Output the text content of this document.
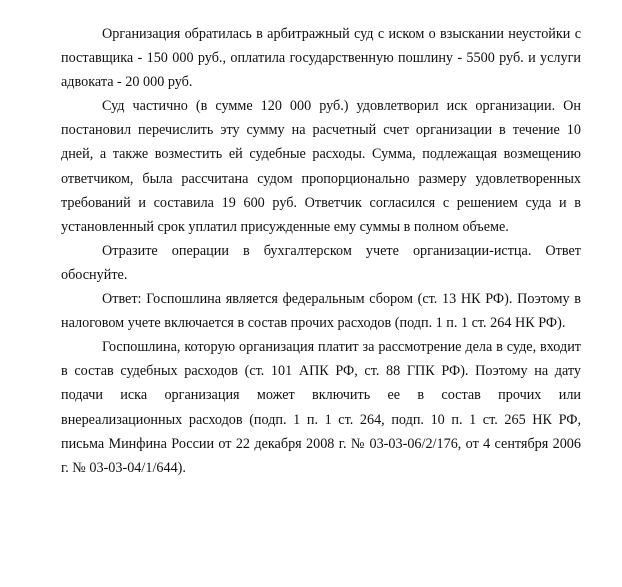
Организация обратилась в арбитражный суд с иском о взыскании неустойки с поставщика - 150 000 руб., оплатила государственную пошлину - 5500 руб. и услуги адвоката - 20 000 руб.

Суд частично (в сумме 120 000 руб.) удовлетворил иск организации. Он постановил перечислить эту сумму на расчетный счет организации в течение 10 дней, а также возместить ей судебные расходы. Сумма, подлежащая возмещению ответчиком, была рассчитана судом пропорционально размеру удовлетворенных требований и составила 19 600 руб. Ответчик согласился с решением суда и в установленный срок уплатил присужденные ему суммы в полном объеме.

Отразите операции в бухгалтерском учете организации-истца. Ответ обоснуйте.

Ответ: Госпошлина является федеральным сбором (ст. 13 НК РФ). Поэтому в налоговом учете включается в состав прочих расходов (подп. 1 п. 1 ст. 264 НК РФ).

Госпошлина, которую организация платит за рассмотрение дела в суде, входит в состав судебных расходов (ст. 101 АПК РФ, ст. 88 ГПК РФ). Поэтому на дату подачи иска организация может включить ее в состав прочих или внереализационных расходов (подп. 1 п. 1 ст. 264, подп. 10 п. 1 ст. 265 НК РФ, письма Минфина России от 22 декабря 2008 г. № 03-03-06/2/176, от 4 сентября 2006 г. № 03-03-04/1/644).
